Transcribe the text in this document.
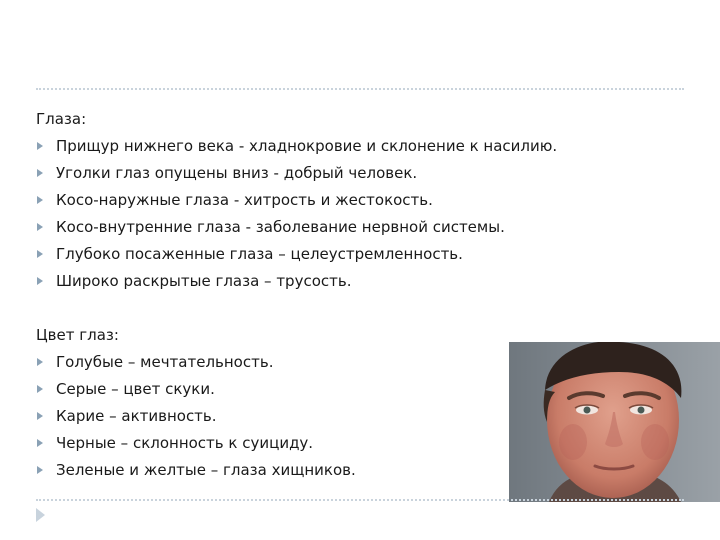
Глаза:
Прищур нижнего века - хладнокровие и склонение к насилию.
Уголки глаз опущены вниз - добрый человек.
Косо-наружные глаза - хитрость и жестокость.
Косо-внутренние глаза - заболевание нервной системы.
Глубоко посаженные глаза – целеустремленность.
Широко раскрытые глаза – трусость.
Цвет глаз:
Голубые – мечтательность.
Серые – цвет скуки.
Карие – активность.
Черные – склонность к суициду.
Зеленые и желтые – глаза хищников.
